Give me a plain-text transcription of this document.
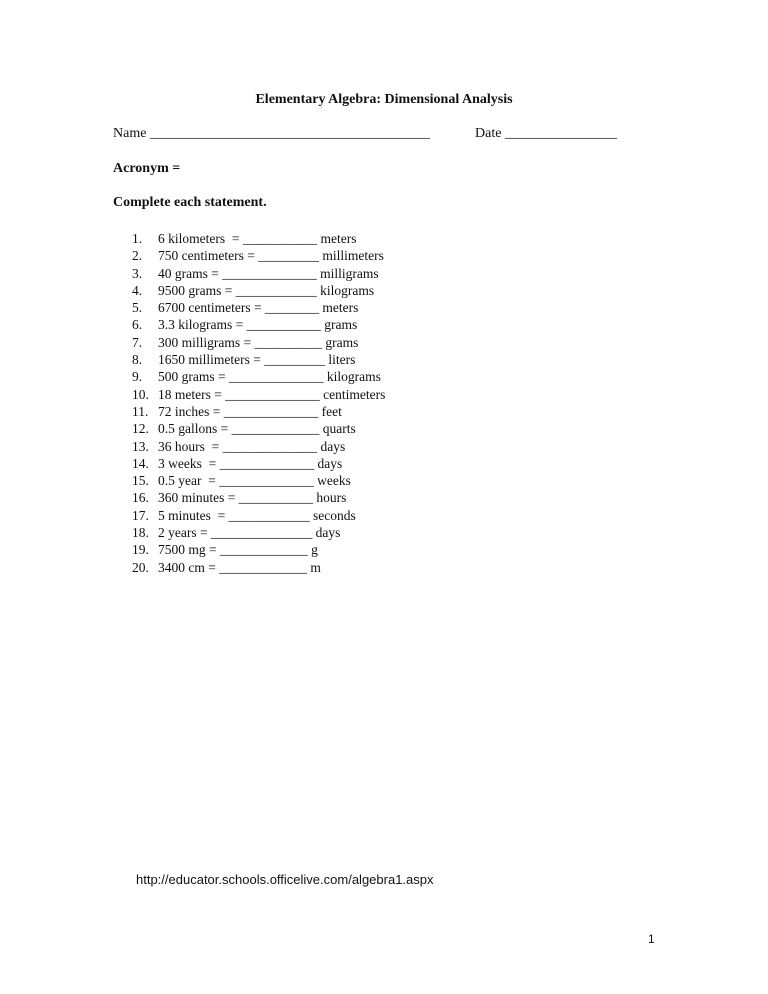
Elementary Algebra: Dimensional Analysis
Name ________________________________________	Date ________________
Acronym =
Complete each statement.
1. 6 kilometers  = ___________ meters
2. 750 centimeters = _________ millimeters
3. 40 grams = ______________ milligrams
4. 9500 grams = ____________ kilograms
5. 6700 centimeters = ________ meters
6. 3.3 kilograms = ___________ grams
7. 300 milligrams = __________ grams
8. 1650 millimeters = _________ liters
9. 500 grams = ______________ kilograms
10. 18 meters = ______________ centimeters
11. 72 inches = ______________ feet
12. 0.5 gallons = _____________ quarts
13. 36 hours  = ______________ days
14. 3 weeks  = ______________ days
15. 0.5 year  = ______________ weeks
16. 360 minutes = ___________ hours
17. 5 minutes  = ____________ seconds
18. 2 years = _______________ days
19. 7500 mg = _____________ g
20. 3400 cm = _____________ m
http://educator.schools.officelive.com/algebra1.aspx
1
